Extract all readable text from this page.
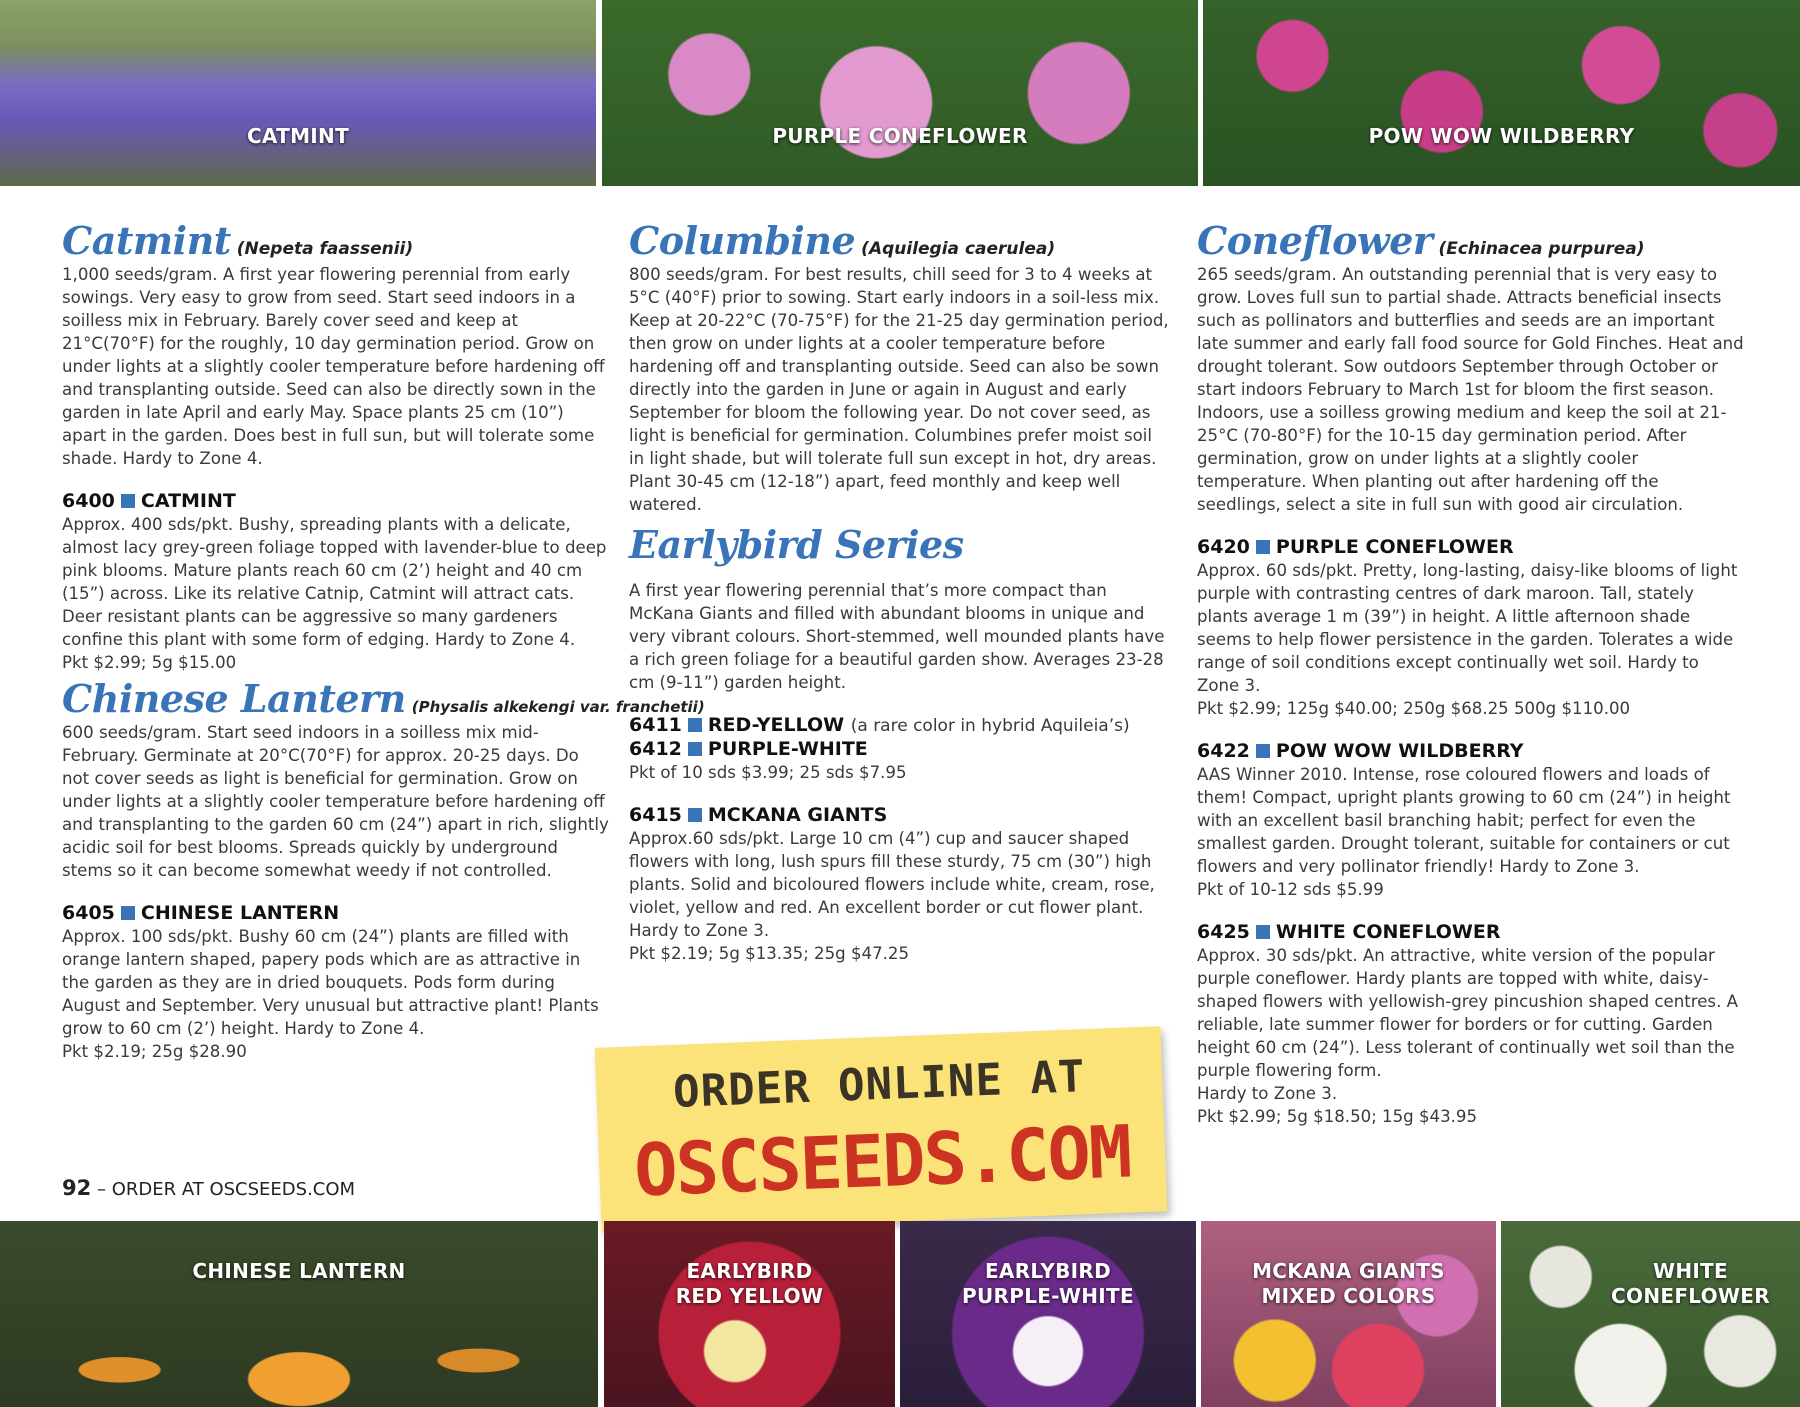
CATMINT	PURPLE CONEFLOWER	POW WOW WILDBERRY
Catmint (Nepeta faassenii)

1,000 seeds/gram. A first year flowering perennial from early sowings. Very easy to grow from seed. Start seed indoors in a soilless mix in February. Barely cover seed and keep at 21°C(70°F) for the roughly, 10 day germination period. Grow on under lights at a slightly cooler temperature before hardening off and transplanting outside. Seed can also be directly sown in the garden in late April and early May. Space plants 25 cm (10”) apart in the garden. Does best in full sun, but will tolerate some shade. Hardy to Zone 4.

6400 CATMINT

Approx. 400 sds/pkt. Bushy, spreading plants with a delicate, almost lacy grey-green foliage topped with lavender-blue to deep pink blooms. Mature plants reach 60 cm (2’) height and 40 cm (15”) across. Like its relative Catnip, Catmint will attract cats. Deer resistant plants can be aggressive so many gardeners confine this plant with some form of edging. Hardy to Zone 4.

Pkt $2.99; 5g $15.00

Chinese Lantern (Physalis alkekengi var. franchetii)

600 seeds/gram. Start seed indoors in a soilless mix mid-February. Germinate at 20°C(70°F) for approx. 20-25 days. Do not cover seeds as light is beneficial for germination. Grow on under lights at a slightly cooler temperature before hardening off and transplanting to the garden 60 cm (24”) apart in rich, slightly acidic soil for best blooms. Spreads quickly by underground stems so it can become somewhat weedy if not controlled.

6405 CHINESE LANTERN

Approx. 100 sds/pkt. Bushy 60 cm (24”) plants are filled with orange lantern shaped, papery pods which are as attractive in the garden as they are in dried bouquets. Pods form during August and September. Very unusual but attractive plant! Plants grow to 60 cm (2’) height. Hardy to Zone 4.

Pkt $2.19; 25g $28.90

Columbine (Aquilegia caerulea)

800 seeds/gram. For best results, chill seed for 3 to 4 weeks at 5°C (40°F) prior to sowing. Start early indoors in a soil-less mix. Keep at 20-22°C (70-75°F) for the 21-25 day germination period, then grow on under lights at a cooler temperature before hardening off and transplanting outside. Seed can also be sown directly into the garden in June or again in August and early September for bloom the following year. Do not cover seed, as light is beneficial for germination. Columbines prefer moist soil in light shade, but will tolerate full sun except in hot, dry areas. Plant 30-45 cm (12-18”) apart, feed monthly and keep well watered.

Earlybird Series

A first year flowering perennial that’s more compact than McKana Giants and filled with abundant blooms in unique and very vibrant colours. Short-stemmed, well mounded plants have a rich green foliage for a beautiful garden show. Averages 23-28 cm (9-11”) garden height.

6411 RED-YELLOW (a rare color in hybrid Aquileia’s)

6412 PURPLE-WHITE

Pkt of 10 sds $3.99; 25 sds $7.95

6415 MCKANA GIANTS

Approx.60 sds/pkt. Large 10 cm (4”) cup and saucer shaped flowers with long, lush spurs fill these sturdy, 75 cm (30”) high plants. Solid and bicoloured flowers include white, cream, rose, violet, yellow and red. An excellent border or cut flower plant. Hardy to Zone 3.

Pkt $2.19; 5g $13.35; 25g $47.25

Coneflower (Echinacea purpurea)

265 seeds/gram. An outstanding perennial that is very easy to grow. Loves full sun to partial shade. Attracts beneficial insects such as pollinators and butterflies and seeds are an important late summer and early fall food source for Gold Finches. Heat and drought tolerant. Sow outdoors September through October or start indoors February to March 1st for bloom the first season. Indoors, use a soilless growing medium and keep the soil at 21-25°C (70-80°F) for the 10-15 day germination period. After germination, grow on under lights at a slightly cooler temperature. When planting out after hardening off the seedlings, select a site in full sun with good air circulation.

6420 PURPLE CONEFLOWER

Approx. 60 sds/pkt. Pretty, long-lasting, daisy-like blooms of light purple with contrasting centres of dark maroon. Tall, stately plants average 1 m (39”) in height. A little afternoon shade seems to help flower persistence in the garden. Tolerates a wide range of soil conditions except continually wet soil. Hardy to Zone 3.

Pkt $2.99; 125g $40.00; 250g $68.25 500g $110.00

6422 POW WOW WILDBERRY

AAS Winner 2010. Intense, rose coloured flowers and loads of them! Compact, upright plants growing to 60 cm (24”) in height with an excellent basil branching habit; perfect for even the smallest garden. Drought tolerant, suitable for containers or cut flowers and very pollinator friendly! Hardy to Zone 3.

Pkt of 10-12 sds $5.99

6425 WHITE CONEFLOWER

Approx. 30 sds/pkt. An attractive, white version of the popular purple coneflower. Hardy plants are topped with white, daisy-shaped flowers with yellowish-grey pincushion shaped centres. A reliable, late summer flower for borders or for cutting. Garden height 60 cm (24”). Less tolerant of continually wet soil than the purple flowering form.

Hardy to Zone 3.

Pkt $2.99; 5g $18.50; 15g $43.95

ORDER ONLINE AT
OSCSEEDS.COM
92 – ORDER AT OSCSEEDS.COM
CHINESE LANTERN	EARLYBIRD
RED YELLOW
EARLYBIRD
PURPLE-WHITE
MCKANA GIANTS
MIXED COLORS
WHITE
CONEFLOWER
